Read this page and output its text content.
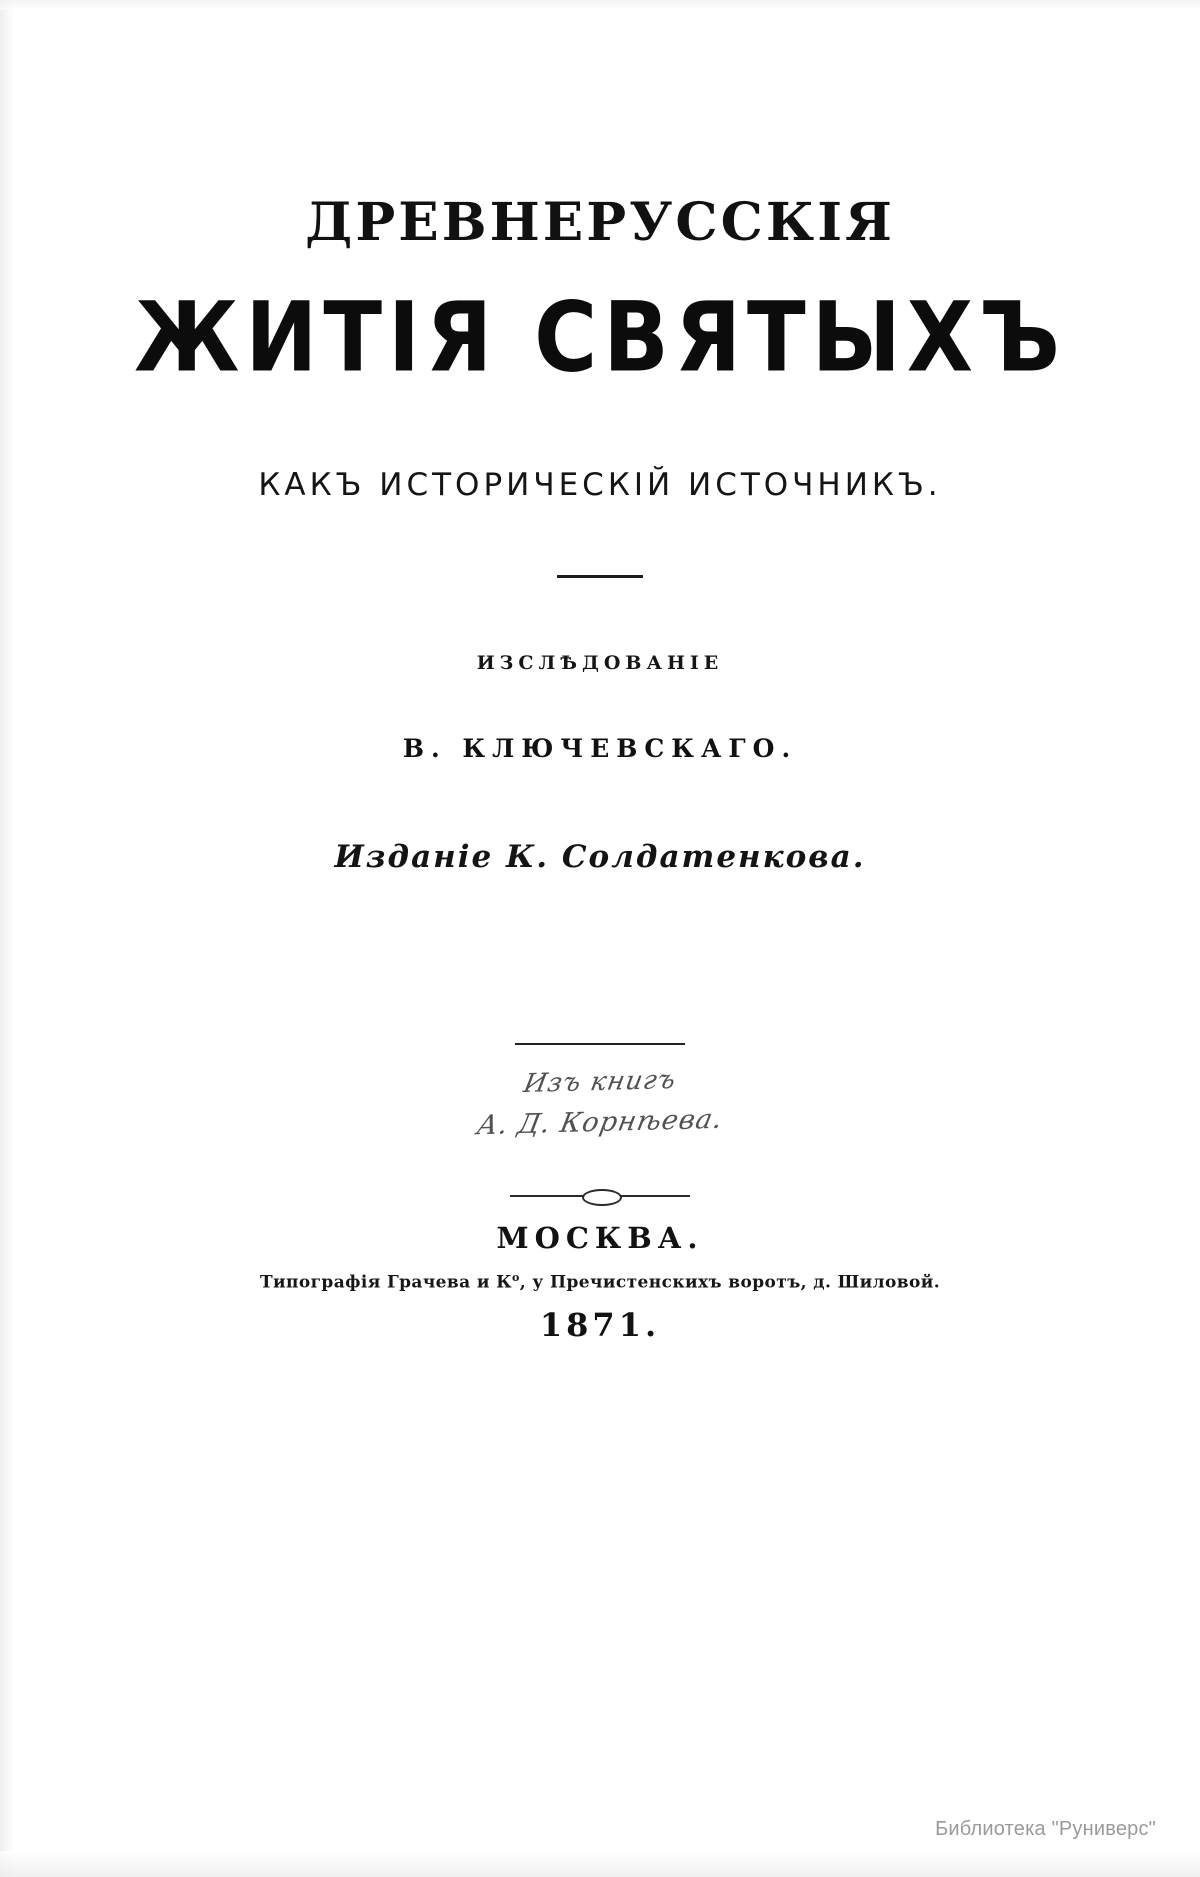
ДРЕВНЕРУССКІЯ
ЖИТІЯ СВЯТЫХЪ
КАКЪ ИСТОРИЧЕСКІЙ ИСТОЧНИКЪ.
ИЗСЛѢДОВАНІЕ
В. КЛЮЧЕВСКАГО.
Изданіе К. Солдатенкова.
Изъ книгъ
А. Д. Корнѣева.
МОСКВА.
Типографія Грачева и $К^о$, у Пречистенскихъ воротъ, д. Шиловой.
1871.
Библиотека "Руниверс"
